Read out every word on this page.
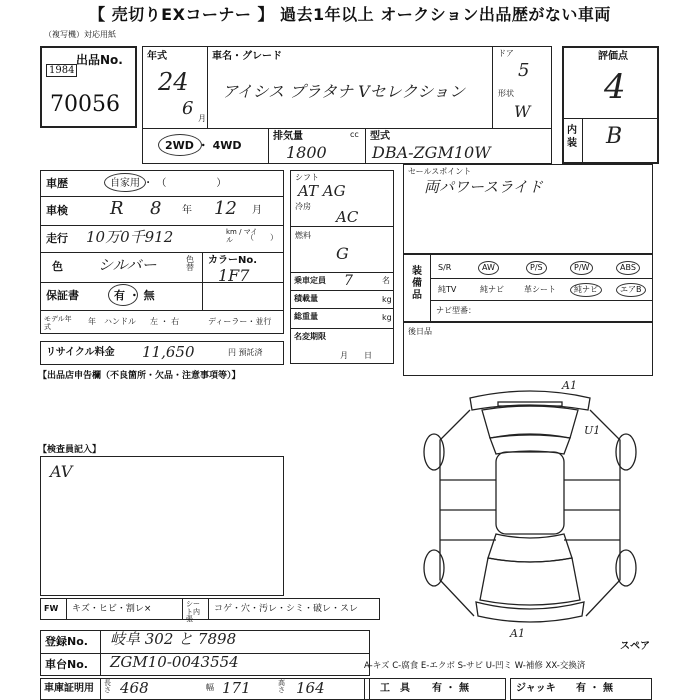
【 売切りEXコーナー 】 過去1年以上 オークション出品歴がない車両
（複写機）対応用紙
出品No.
1984
70056
年式
24
6 月
車名・グレード
アイシス プラタナ Vセレクション
ドア
5
形状
W
評価点
4
内装 B
2WD ・ 4WD
排気量	cc
1800
型式
DBA-ZGM10W
車歴	自家用 ・ （　　　　　）
車検 R 8 年 12 月
走行 10万0千912	km / マイル	（　　）
色 シルバー	色替
カラーNo.
1F7
保証書	有 ・ 無
モデル年式
年　ハンドル 左 ・ 右	ディーラー・並行
リサイクル料金 11,650	円 預託済
シフト
AT AG
冷房
AC
燃料
G
乗車定員 7	名
積載量	kg
総重量	kg
名変期限
月　　日
セールスポイント
両パワースライド
装備品
S/R	AW	P/S	P/W	ABS
純TV	純ナビ	革シート	純ナビ	エアB
ナビ型番：
後日品
【出品店申告欄（不良箇所・欠品・注意事項等）】
【検査員記入】
AV
A1
U1
A1
スペア
FW キズ・ヒビ・割レ×	シート内張
コゲ・穴・汚レ・シミ・破レ・スレ
登録No. 岐阜 302 と 7898
車台No. ZGM10-0043554	A-キズ C-腐食 E-エクボ S-サビ U-凹ミ W-補修 XX-交換済
車庫証明用 長さ 468	幅 171	高さ 164	工　具 有 ・ 無	ジャッキ 有 ・ 無
